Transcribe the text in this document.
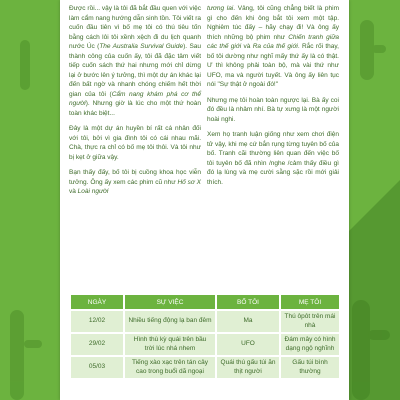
Được rồi... vậy là tôi đã bắt đầu quen với việc làm cẩm nang hướng dẫn sinh tồn. Tôi viết ra cuốn đầu tiên vì bố mẹ tôi có thú tiêu tốn bằng cách lôi tôi xềnh xệch đi du lịch quanh nước Úc (The Australia Survival Guide). Sau thành công của cuốn ấy, tôi đã đặc tâm viết tiếp cuốn sách thứ hai nhưng mới chỉ dừng lại ở bước lên ý tưởng, thì một dự án khác lại đến bất ngờ và nhanh chóng chiếm hết thời gian của tôi (Cẩm nang khám phá cơ thể người). Nhưng giờ là lúc cho một thứ hoàn toàn khác biệt...

Đây là một dự án huyền bí rất cá nhân đối với tôi, bởi vì gia đình tôi có cái nhau mãi. Chà, thực ra chỉ có bố mẹ tôi thôi. Và tôi như bị kẹt ở giữa vậy.

Bạn thấy đấy, bố tôi bị cuồng khoa học viễn tưởng. Ông ấy xem các phim cũ như Hố sơ X và Loài người

tương lai. Vâng, tôi cũng chẳng biết là phim gì cho đến khi ông bắt tôi xem một tập. Nghiêm túc đấy – hãy chạy đi! Và ông ấy thích những bộ phim như Chiến tranh giữa các thế giới và Ra của thế giới. Rắc rối thay, bố tôi dường như nghĩ mấy thứ ấy là có thật. Ư thì không phải toàn bộ, mà vài thứ như UFO, ma và người tuyết. Và ông ấy liên tục nói "Sự thật ở ngoài đó!"

Nhưng mẹ tôi hoàn toàn ngược lại. Bà ấy coi đó đều là nhảm nhí. Bà tự xưng là một người hoài nghi.

Xem họ tranh luận giống như xem chơi điện tử vậy, khi mẹ cứ bắn rụng từng tuyên bố của bố. Tranh cãi thường liên quan đến việc bố tôi tuyên bố đã nhìn /nghe /cảm thấy điều gì đó lạ lùng và mẹ cười sằng sặc rồi mới giải thích.

NGÀY	SỰ VIỆC	BỐ TÔI	MẸ TÔI
12/02	Nhiều tiếng động lạ ban đêm	Ma	Thú ôpôt trên mái nhà
29/02	Hình thù kỳ quái trên bầu trời lúc nhá nhem	UFO	Đám mây có hình dạng ngộ nghĩnh
05/03	Tiếng xào xạc trên tán cây cao trong buổi dã ngoại	Quái thú gấu túi ăn thịt người	Gấu túi bình thường
